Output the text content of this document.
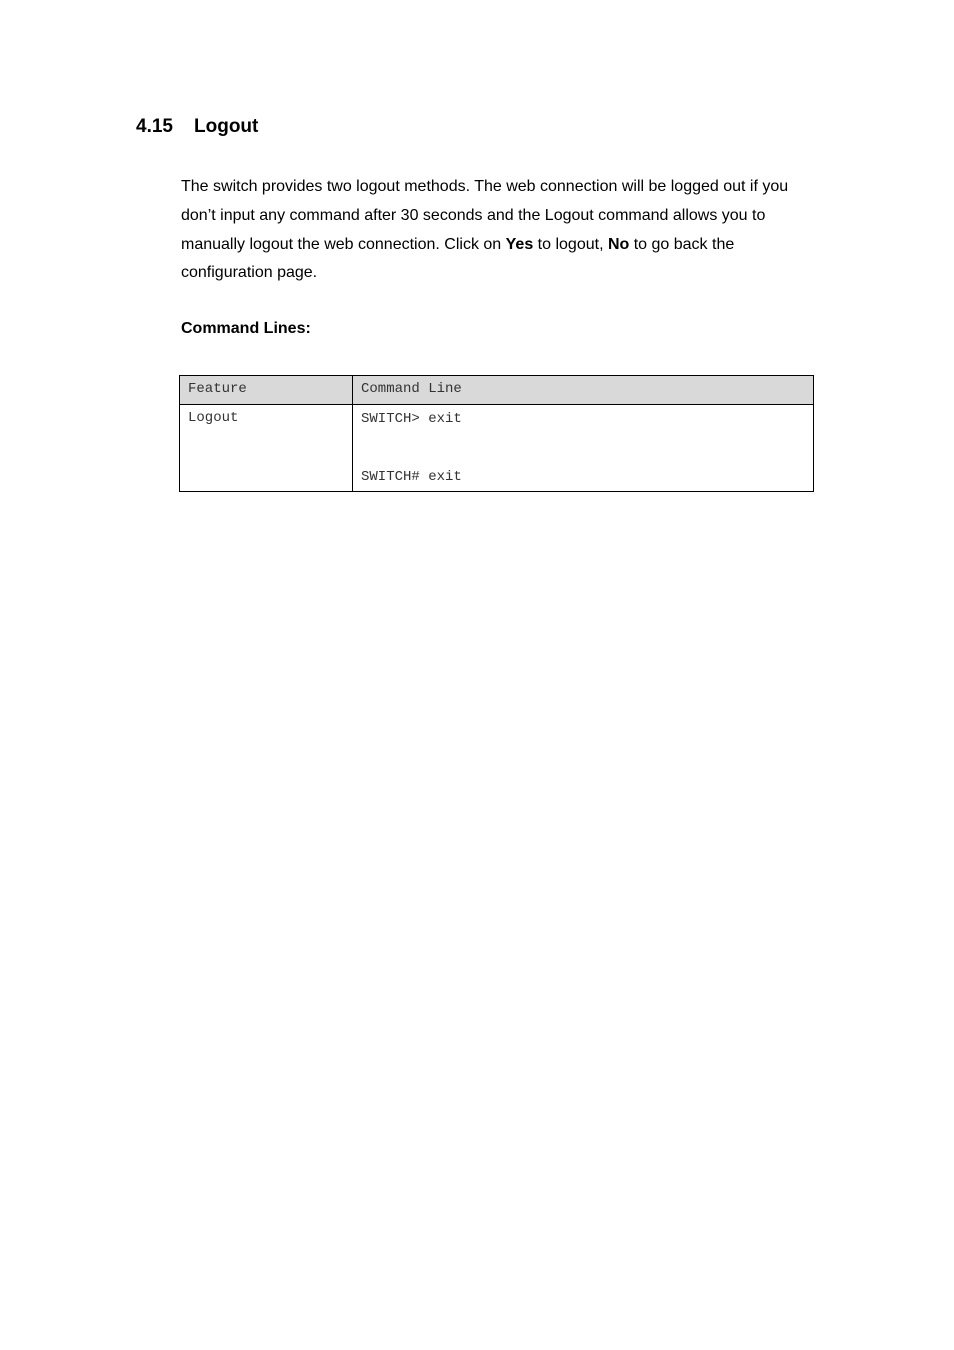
4.15 Logout
The switch provides two logout methods. The web connection will be logged out if you don’t input any command after 30 seconds and the Logout command allows you to manually logout the web connection. Click on Yes to logout, No to go back the configuration page.
Command Lines:
Feature	Command Line
Logout	SWITCH> exit
SWITCH# exit
